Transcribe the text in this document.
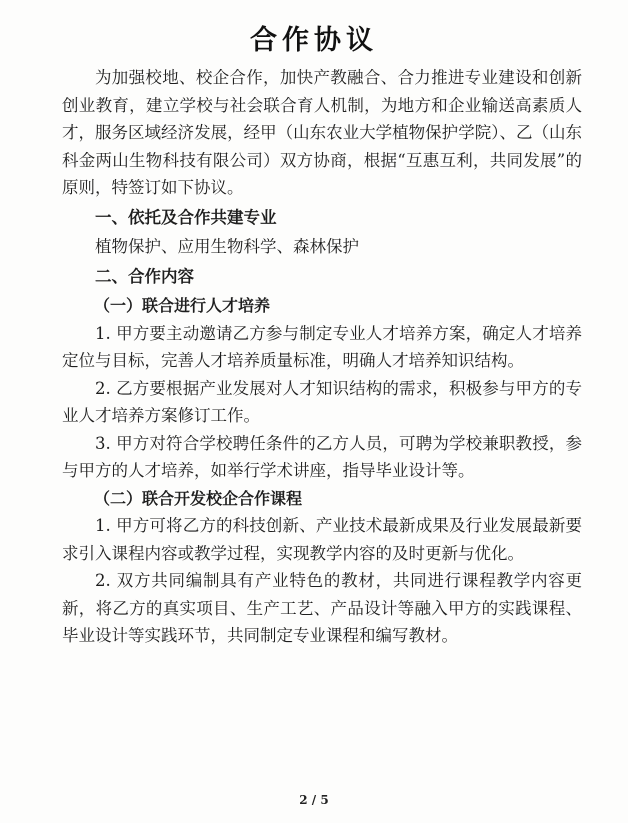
合作协议

为加强校地、校企合作，加快产教融合、合力推进专业建设和创新创业教育，建立学校与社会联合育人机制，为地方和企业输送高素质人才，服务区域经济发展，经甲（山东农业大学植物保护学院）、乙（山东科金两山生物科技有限公司）双方协商，根据“互惠互利，共同发展”的原则，特签订如下协议。

一、依托及合作共建专业

植物保护、应用生物科学、森林保护

二、合作内容
（一）联合进行人才培养

1. 甲方要主动邀请乙方参与制定专业人才培养方案，确定人才培养定位与目标，完善人才培养质量标准，明确人才培养知识结构。

2. 乙方要根据产业发展对人才知识结构的需求，积极参与甲方的专业人才培养方案修订工作。

3. 甲方对符合学校聘任条件的乙方人员，可聘为学校兼职教授，参与甲方的人才培养，如举行学术讲座，指导毕业设计等。

（二）联合开发校企合作课程

1. 甲方可将乙方的科技创新、产业技术最新成果及行业发展最新要求引入课程内容或教学过程，实现教学内容的及时更新与优化。

2. 双方共同编制具有产业特色的教材，共同进行课程教学内容更新，将乙方的真实项目、生产工艺、产品设计等融入甲方的实践课程、毕业设计等实践环节，共同制定专业课程和编写教材。

2 / 5
